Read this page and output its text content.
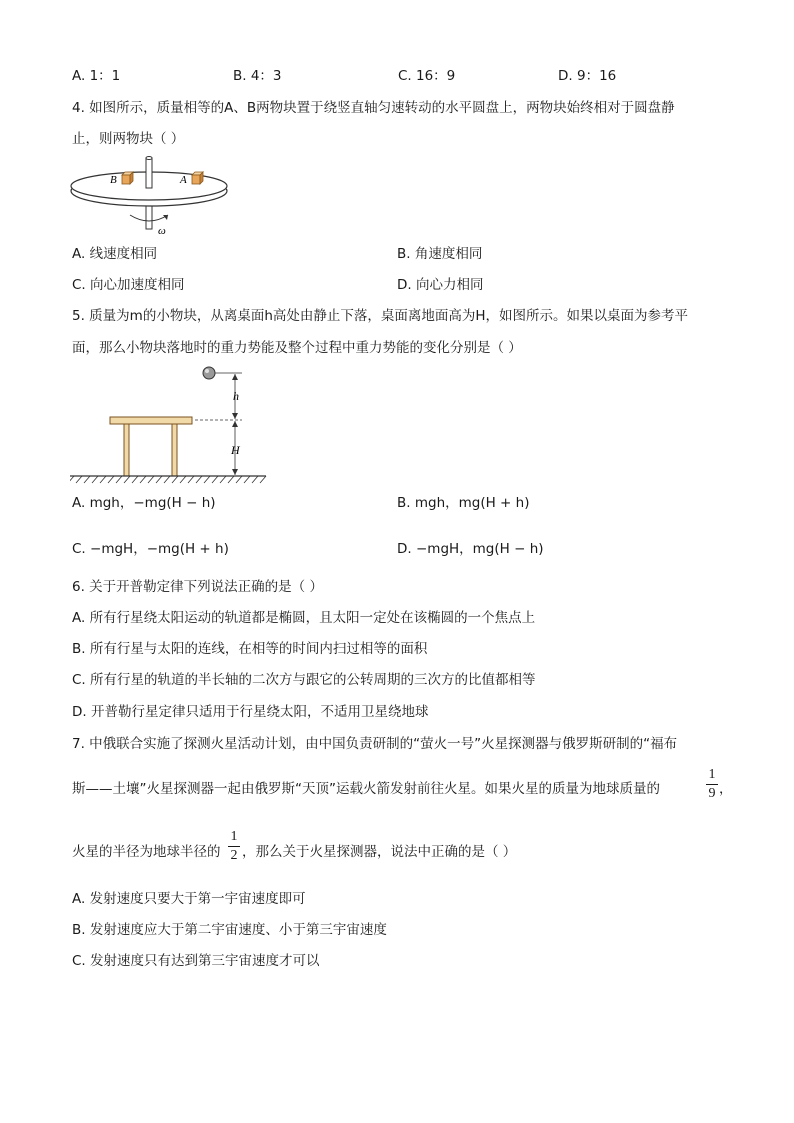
A. 1：1	B. 4：3	C. 16：9	D. 9：16
4. 如图所示，质量相等的A、B两物块置于绕竖直轴匀速转动的水平圆盘上，两物块始终相对于圆盘静
止，则两物块（ ）
B	A
ω
A. 线速度相同	B. 角速度相同
C. 向心加速度相同	D. 向心力相同
5. 质量为m的小物块，从离桌面h高处由静止下落，桌面离地面高为H，如图所示。如果以桌面为参考平
面，那么小物块落地时的重力势能及整个过程中重力势能的变化分别是（ ）
h
H
A. mgh，−mg(H − h)	B. mgh，mg(H + h)
C. −mgH，−mg(H + h)	D. −mgH，mg(H − h)
6. 关于开普勒定律下列说法正确的是（ ）
A. 所有行星绕太阳运动的轨道都是椭圆，且太阳一定处在该椭圆的一个焦点上
B. 所有行星与太阳的连线，在相等的时间内扫过相等的面积
C. 所有行星的轨道的半长轴的二次方与跟它的公转周期的三次方的比值都相等
D. 开普勒行星定律只适用于行星绕太阳，不适用卫星绕地球
7. 中俄联合实施了探测火星活动计划，由中国负责研制的“萤火一号”火星探测器与俄罗斯研制的“福布
斯——土壤”火星探测器一起由俄罗斯“天顶”运载火箭发射前往火星。如果火星的质量为地球质量的
1
9 ，
火星的半径为地球半径的
1
2 ，那么关于火星探测器，说法中正确的是（ ）
A. 发射速度只要大于第一宇宙速度即可
B. 发射速度应大于第二宇宙速度、小于第三宇宙速度
C. 发射速度只有达到第三宇宙速度才可以
